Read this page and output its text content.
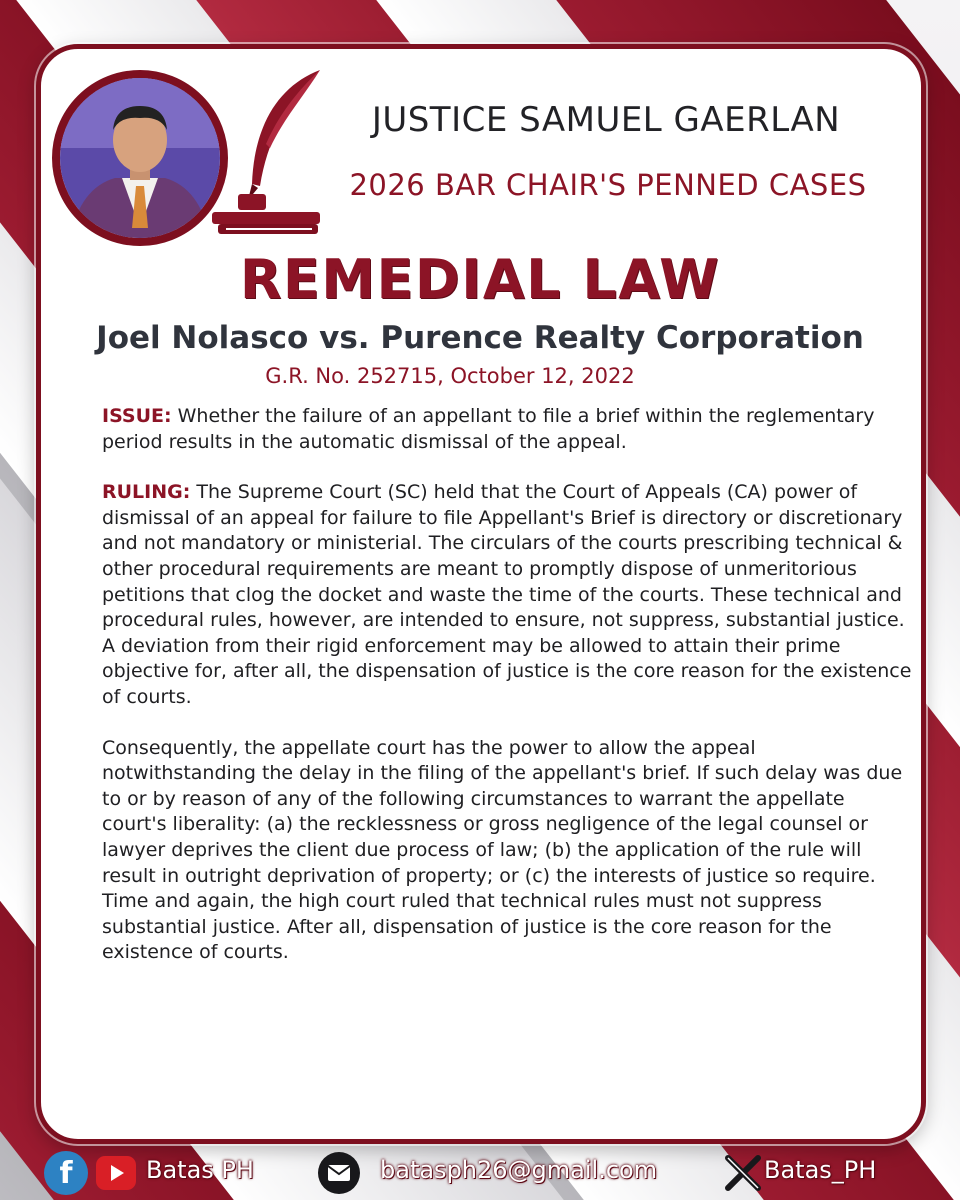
JUSTICE SAMUEL GAERLAN
2026 BAR CHAIR'S PENNED CASES
REMEDIAL LAW
Joel Nolasco vs. Purence Realty Corporation
G.R. No. 252715, October 12, 2022

ISSUE: Whether the failure of an appellant to file a brief within the reglementary period results in the automatic dismissal of the appeal.

RULING: The Supreme Court (SC) held that the Court of Appeals (CA) power of dismissal of an appeal for failure to file Appellant's Brief is directory or discretionary and not mandatory or ministerial. The circulars of the courts prescribing technical & other procedural requirements are meant to promptly dispose of unmeritorious petitions that clog the docket and waste the time of the courts. These technical and procedural rules, however, are intended to ensure, not suppress, substantial justice. A deviation from their rigid enforcement may be allowed to attain their prime objective for, after all, the dispensation of justice is the core reason for the existence of courts.

Consequently, the appellate court has the power to allow the appeal notwithstanding the delay in the filing of the appellant's brief. If such delay was due to or by reason of any of the following circumstances to warrant the appellate court's liberality: (a) the recklessness or gross negligence of the legal counsel or lawyer deprives the client due process of law; (b) the application of the rule will result in outright deprivation of property; or (c) the interests of justice so require. Time and again, the high court ruled that technical rules must not suppress substantial justice. After all, dispensation of justice is the core reason for the existence of courts.

f	Batas PH	batasph26@gmail.com	Batas_PH
